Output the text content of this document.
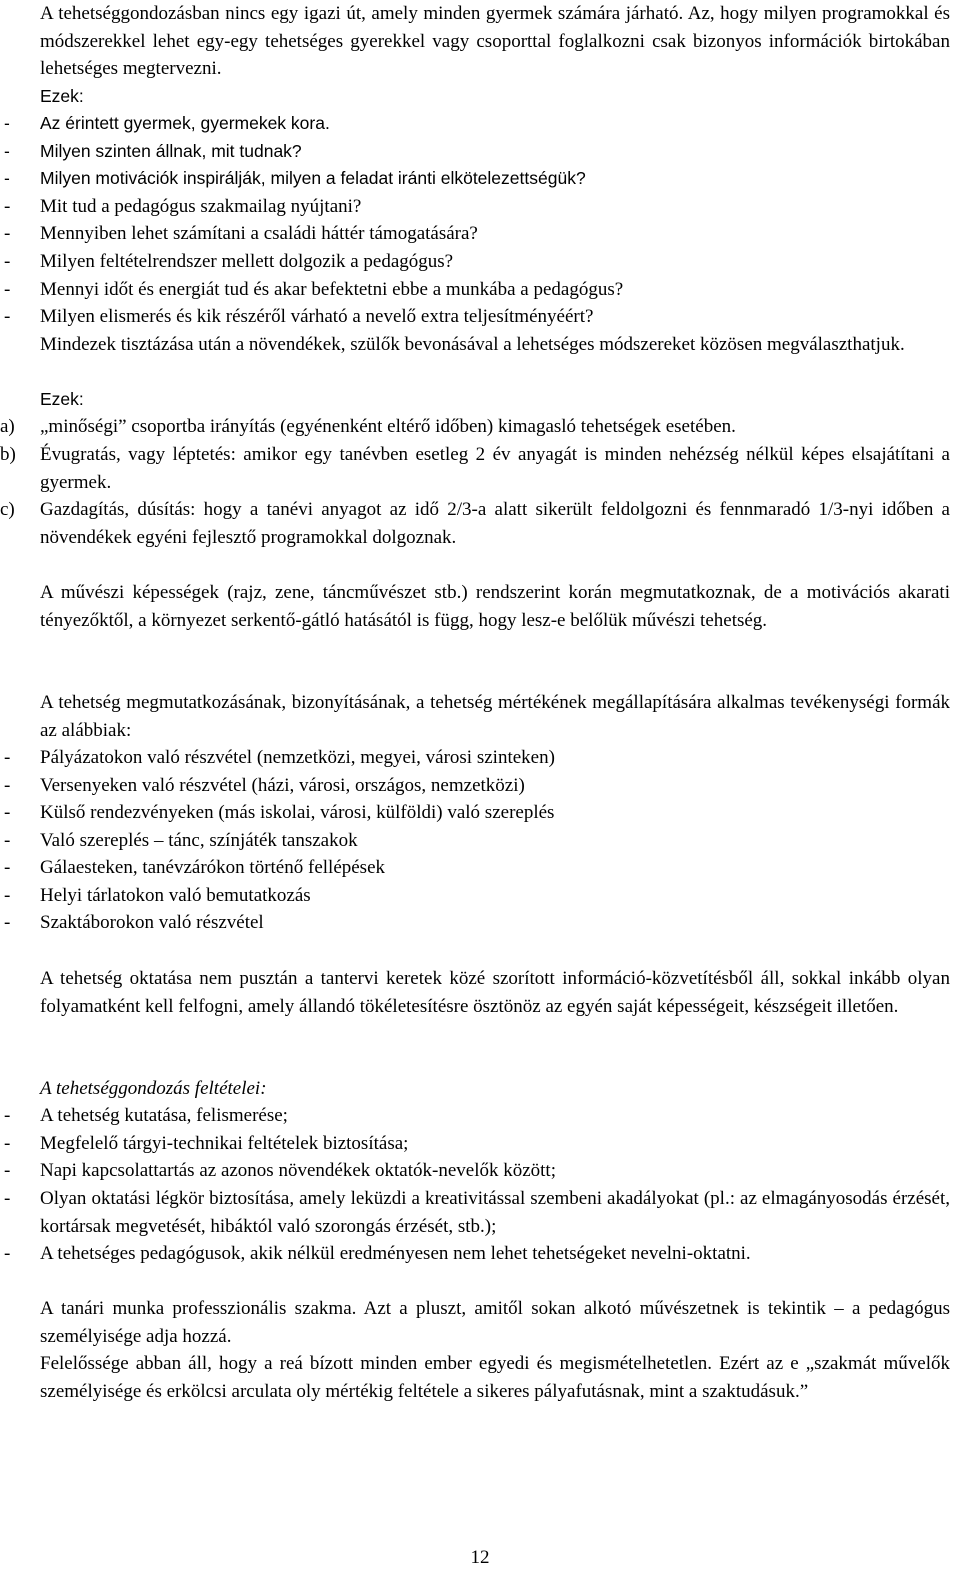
A tehetséggondozásban nincs egy igazi út, amely minden gyermek számára járható. Az, hogy milyen programokkal és módszerekkel lehet egy-egy tehetséges gyerekkel vagy csoporttal foglalkozni csak bizonyos információk birtokában lehetséges megtervezni.

Ezek:

- Az érintett gyermek, gyermekek kora.
- Milyen szinten állnak, mit tudnak?
- Milyen motivációk inspirálják, milyen a feladat iránti elkötelezettségük?
- Mit tud a pedagógus szakmailag nyújtani?
- Mennyiben lehet számítani a családi háttér támogatására?
- Milyen feltételrendszer mellett dolgozik a pedagógus?
- Mennyi időt és energiát tud és akar befektetni ebbe a munkába a pedagógus?
- Milyen elismerés és kik részéről várható a nevelő extra teljesítményéért?

Mindezek tisztázása után a növendékek, szülők bevonásával a lehetséges módszereket közösen megválaszthatjuk.

Ezek:

a) „minőségi” csoportba irányítás (egyénenként eltérő időben) kimagasló tehetségek esetében.
b) Évugratás, vagy léptetés: amikor egy tanévben esetleg 2 év anyagát is minden nehézség nélkül képes elsajátítani a gyermek.
c) Gazdagítás, dúsítás: hogy a tanévi anyagot az idő 2/3-a alatt sikerült feldolgozni és fennmaradó 1/3-nyi időben a növendékek egyéni fejlesztő programokkal dolgoznak.

A művészi képességek (rajz, zene, táncművészet stb.) rendszerint korán megmutatkoznak, de a motivációs akarati tényezőktől, a környezet serkentő-gátló hatásától is függ, hogy lesz-e belőlük művészi tehetség.

A tehetség megmutatkozásának, bizonyításának, a tehetség mértékének megállapítására alkalmas tevékenységi formák az alábbiak:

- Pályázatokon való részvétel (nemzetközi, megyei, városi szinteken)
- Versenyeken való részvétel (házi, városi, országos, nemzetközi)
- Külső rendezvényeken (más iskolai, városi, külföldi) való szereplés
- Való szereplés – tánc, színjáték tanszakok
- Gálaesteken, tanévzárókon történő fellépések
- Helyi tárlatokon való bemutatkozás
- Szaktáborokon való részvétel

A tehetség oktatása nem pusztán a tantervi keretek közé szorított információ-közvetítésből áll, sokkal inkább olyan folyamatként kell felfogni, amely állandó tökéletesítésre ösztönöz az egyén saját képességeit, készségeit illetően.

A tehetséggondozás feltételei:

- A tehetség kutatása, felismerése;
- Megfelelő tárgyi-technikai feltételek biztosítása;
- Napi kapcsolattartás az azonos növendékek oktatók-nevelők között;
- Olyan oktatási légkör biztosítása, amely leküzdi a kreativitással szembeni akadályokat (pl.: az elmagányosodás érzését, kortársak megvetését, hibáktól való szorongás érzését, stb.);
- A tehetséges pedagógusok, akik nélkül eredményesen nem lehet tehetségeket nevelni-oktatni.

A tanári munka professzionális szakma. Azt a pluszt, amitől sokan alkotó művészetnek is tekintik – a pedagógus személyisége adja hozzá.

Felelőssége abban áll, hogy a reá bízott minden ember egyedi és megismételhetetlen. Ezért az e „szakmát művelők személyisége és erkölcsi arculata oly mértékig feltétele a sikeres pályafutásnak, mint a szaktudásuk.”

12
